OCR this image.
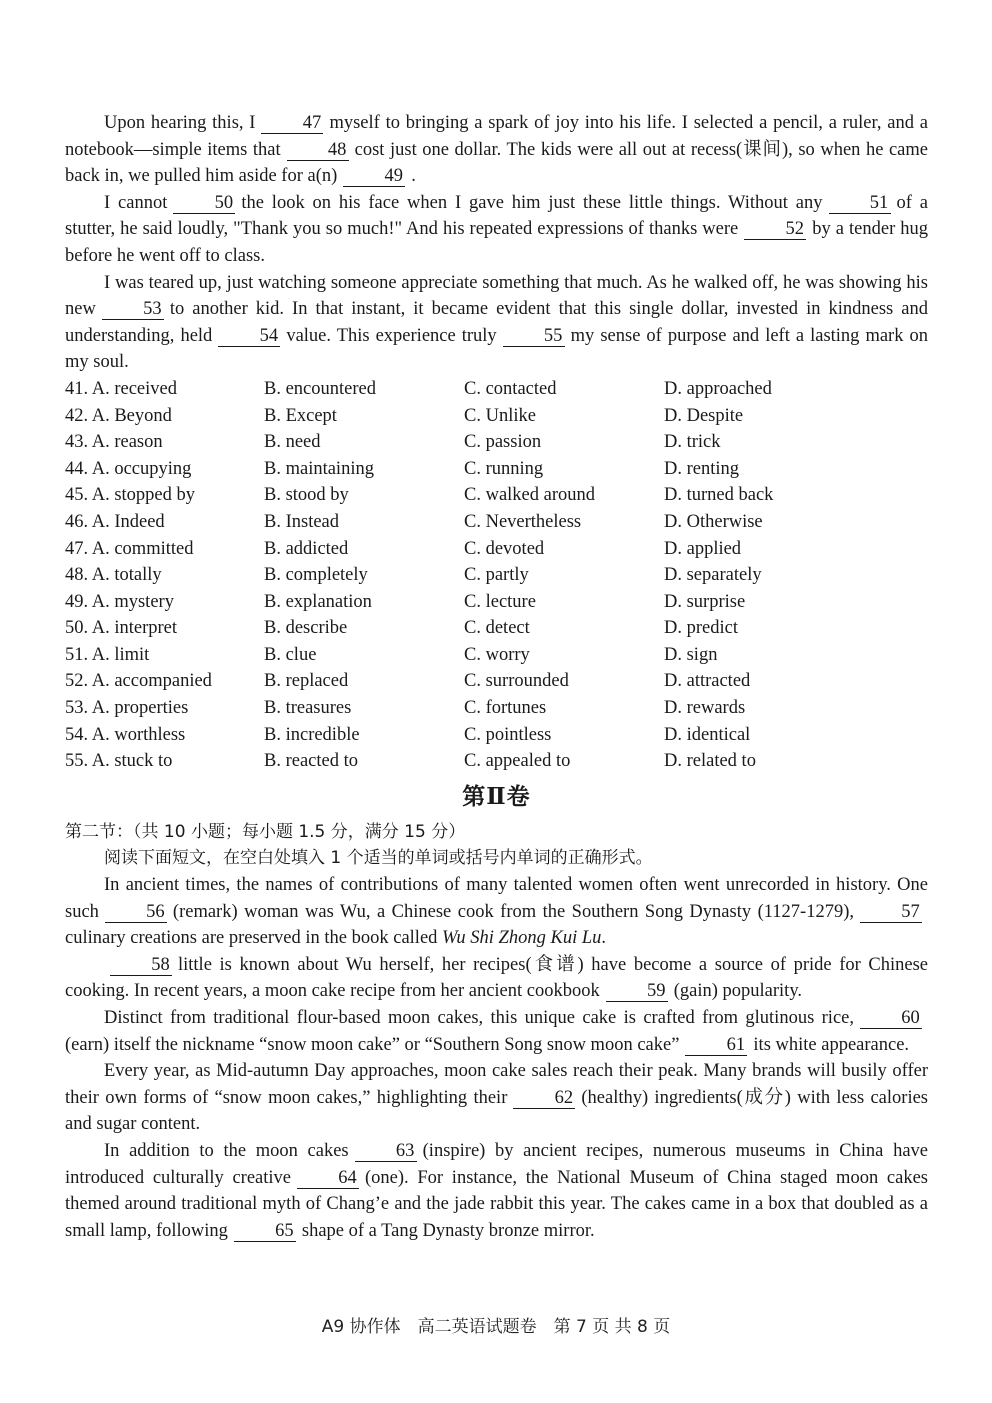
Upon hearing this, I	47 myself to bringing a spark of joy into his life. I selected a pencil, a ruler, and a notebook—simple items that	48 cost just one dollar. The kids were all out at recess(课间), so when he came back in, we pulled him aside for a(n)	49 .

I cannot	50 the look on his face when I gave him just these little things. Without any	51 of a stutter, he said loudly, "Thank you so much!" And his repeated expressions of thanks were	52 by a tender hug before he went off to class.

I was teared up, just watching someone appreciate something that much. As he walked off, he was showing his new	53 to another kid. In that instant, it became evident that this single dollar, invested in kindness and understanding, held	54 value. This experience truly	55 my sense of purpose and left a lasting mark on my soul.

41. A. received	B. encountered	C. contacted	D. approached
42. A. Beyond	B. Except	C. Unlike	D. Despite
43. A. reason	B. need	C. passion	D. trick
44. A. occupying	B. maintaining	C. running	D. renting
45. A. stopped by	B. stood by	C. walked around	D. turned back
46. A. Indeed	B. Instead	C. Nevertheless	D. Otherwise
47. A. committed	B. addicted	C. devoted	D. applied
48. A. totally	B. completely	C. partly	D. separately
49. A. mystery	B. explanation	C. lecture	D. surprise
50. A. interpret	B. describe	C. detect	D. predict
51. A. limit	B. clue	C. worry	D. sign
52. A. accompanied	B. replaced	C. surrounded	D. attracted
53. A. properties	B. treasures	C. fortunes	D. rewards
54. A. worthless	B. incredible	C. pointless	D. identical
55. A. stuck to	B. reacted to	C. appealed to	D. related to
第Ⅱ卷

第二节：（共 10 小题；每小题 1.5 分，满分 15 分）

阅读下面短文，在空白处填入 1 个适当的单词或括号内单词的正确形式。

In ancient times, the names of contributions of many talented women often went unrecorded in history. One such	56 (remark) woman was Wu, a Chinese cook from the Southern Song Dynasty (1127-1279),	57culinary creations are preserved in the book called Wu Shi Zhong Kui Lu.

58 little is known about Wu herself, her recipes(食谱) have become a source of pride for Chinese cooking. In recent years, a moon cake recipe from her ancient cookbook	59 (gain) popularity.

Distinct from traditional flour-based moon cakes, this unique cake is crafted from glutinous rice,	60(earn) itself the nickname “snow moon cake” or “Southern Song snow moon cake”	61 its white appearance.

Every year, as Mid-autumn Day approaches, moon cake sales reach their peak. Many brands will busily offer their own forms of “snow moon cakes,” highlighting their	62 (healthy) ingredients(成分) with less calories and sugar content.

In addition to the moon cakes	63 (inspire) by ancient recipes, numerous museums in China have introduced culturally creative	64 (one). For instance, the National Museum of China staged moon cakes themed around traditional myth of Chang’e and the jade rabbit this year. The cakes came in a box that doubled as a small lamp, following	65 shape of a Tang Dynasty bronze mirror.

A9 协作体　高二英语试题卷　第 7 页 共 8 页
